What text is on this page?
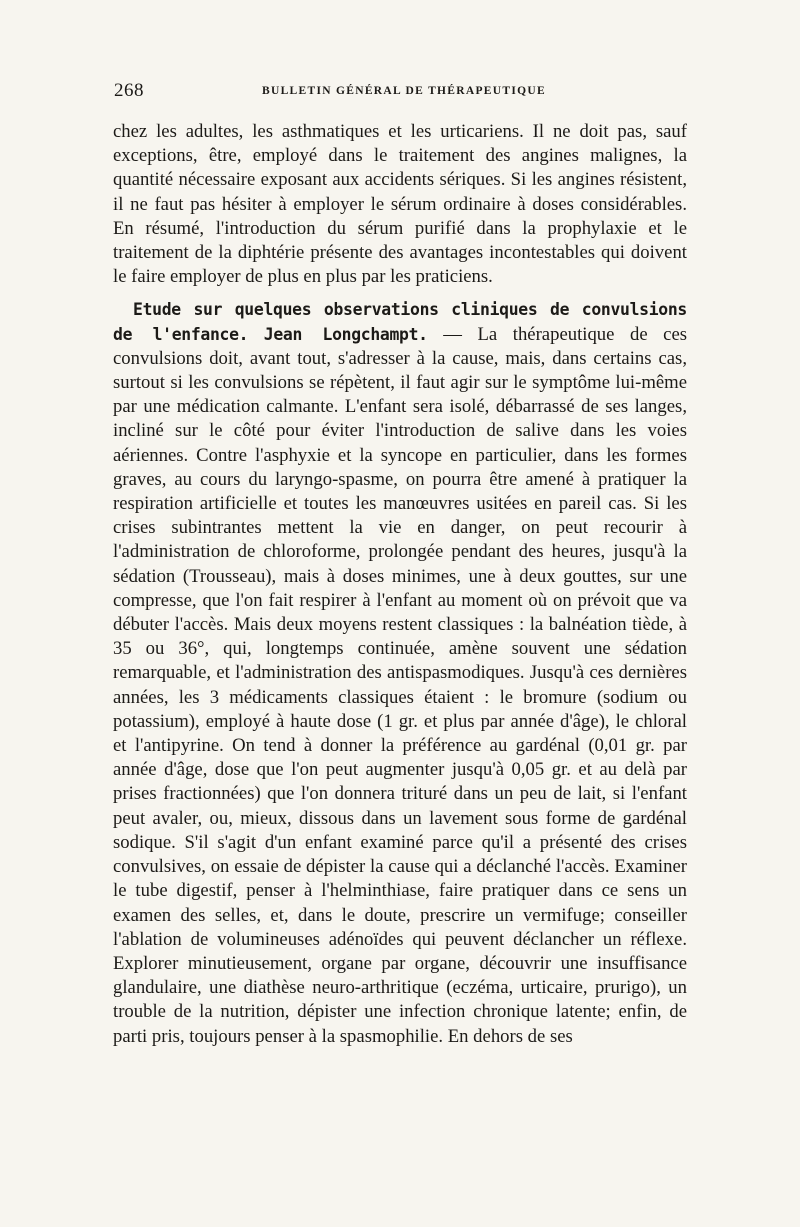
268	BULLETIN GÉNÉRAL DE THÉRAPEUTIQUE

chez les adultes, les asthmatiques et les urticariens. Il ne doit pas, sauf exceptions, être, employé dans le traitement des angines malignes, la quantité nécessaire exposant aux accidents sériques. Si les angines résistent, il ne faut pas hésiter à employer le sérum ordinaire à doses considérables. En résumé, l'introduction du sérum purifié dans la prophylaxie et le traitement de la diphtérie présente des avantages incontestables qui doivent le faire employer de plus en plus par les praticiens.

Etude sur quelques observations cliniques de convulsions de l'enfance. Jean Longchampt. — La thérapeutique de ces convulsions doit, avant tout, s'adresser à la cause, mais, dans certains cas, surtout si les convulsions se répètent, il faut agir sur le symptôme lui-même par une médication calmante. L'enfant sera isolé, débarrassé de ses langes, incliné sur le côté pour éviter l'introduction de salive dans les voies aériennes. Contre l'asphyxie et la syncope en particulier, dans les formes graves, au cours du laryngo-spasme, on pourra être amené à pratiquer la respiration artificielle et toutes les manœuvres usitées en pareil cas. Si les crises subintrantes mettent la vie en danger, on peut recourir à l'administration de chloroforme, prolongée pendant des heures, jusqu'à la sédation (Trousseau), mais à doses minimes, une à deux gouttes, sur une compresse, que l'on fait respirer à l'enfant au moment où on prévoit que va débuter l'accès. Mais deux moyens restent classiques : la balnéation tiède, à 35 ou 36°, qui, longtemps continuée, amène souvent une sédation remarquable, et l'administration des antispasmodiques. Jusqu'à ces dernières années, les 3 médicaments classiques étaient : le bromure (sodium ou potassium), employé à haute dose (1 gr. et plus par année d'âge), le chloral et l'antipyrine. On tend à donner la préférence au gardénal (0,01 gr. par année d'âge, dose que l'on peut augmenter jusqu'à 0,05 gr. et au delà par prises fractionnées) que l'on donnera trituré dans un peu de lait, si l'enfant peut avaler, ou, mieux, dissous dans un lavement sous forme de gardénal sodique. S'il s'agit d'un enfant examiné parce qu'il a présenté des crises convulsives, on essaie de dépister la cause qui a déclanché l'accès. Examiner le tube digestif, penser à l'helminthiase, faire pratiquer dans ce sens un examen des selles, et, dans le doute, prescrire un vermifuge; conseiller l'ablation de volumineuses adénoïdes qui peuvent déclancher un réflexe. Explorer minutieusement, organe par organe, découvrir une insuffisance glandulaire, une diathèse neuro-arthritique (eczéma, urticaire, prurigo), un trouble de la nutrition, dépister une infection chronique latente; enfin, de parti pris, toujours penser à la spasmophilie. En dehors de ses
